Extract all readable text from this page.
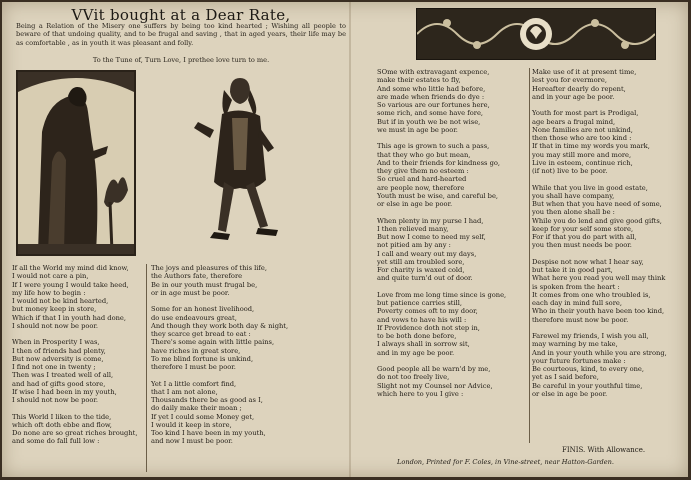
VVit bought at a Dear Rate,
Being a Relation of the Misery one suffers by being too kind hearted ; Wishing all people to beware of that undoing quality, and to be frugal and saving , that in aged years, their life may be as comfortable , as in youth it was pleasant and folly.
To the Tune of, Turn Love, I prethee love turn to me.
If all the World my mind did know,
I would not care a pin,
If I were young I would take heed,
my life how to begin :
I would not be kind hearted,
but money keep in store,
Which if that I in youth had done,
I should not now be poor.
When in Prosperity I was,
I then of friends had plenty,
But now adversity is come,
I find not one in twenty ;
Then was I treated well of all,
and had of gifts good store,
If wise I had been in my youth,
I should not now be poor.
This World I liken to the tide,
which oft doth ebbe and flow,
Do none are so great riches brought,
and some do fall full low :
The joys and pleasures of this life,
the Authors fate, therefore
Be in our youth must frugal be,
or in age must be poor.
Some for an honest livelihood,
do use endeavours great,
And though they work both day & night,
they scarce get bread to eat :
There's some again with little pains,
have riches in great store,
To me blind fortune is unkind,
therefore I must be poor.
Yet I a little comfort find,
that I am not alone,
Thousands there be as good as I,
do daily make their moan ;
If yet I could some Money get,
I would it keep in store,
Too kind I have been in my youth,
and now I must be poor.
SOme with extravagant expence,
make their estates to fly,
And some who little had before,
are made when friends do dye :
So various are our fortunes here,
some rich, and some have fore,
But if in youth we be not wise,
we must in age be poor.
This age is grown to such a pass,
that they who go but mean,
And to their friends for kindness go,
they give them no esteem :
So cruel and hard-hearted
are people now, therefore
Youth must be wise, and careful be,
or else in age be poor.
When plenty in my purse I had,
I then relieved many,
But now I come to need my self,
not pitied am by any :
I call and weary out my days,
yet still am troubled sore,
For charity is waxed cold,
and quite turn'd out of door.
Love from me long time since is gone,
but patience carries still,
Poverty comes oft to my door,
and vows to have his will :
If Providence doth not step in,
to be both done before,
I always shall in sorrow sit,
and in my age be poor.
Good people all be warn'd by me,
do not too freely live,
Slight not my Counsel nor Advice,
which here to you I give :
Make use of it at present time,
lest you for evermore,
Hereafter dearly do repent,
and in your age be poor.
Youth for most part is Prodigal,
age bears a frugal mind,
None families are not unkind,
then those who are too kind :
If that in time my words you mark,
you may still more and more,
Live in esteem, continue rich,
(if not) live to be poor.
While that you live in good estate,
you shall have company,
But when that you have need of some,
you then alone shall be :
While you do lend and give good gifts,
keep for your self some store,
For if that you do part with all,
you then must needs be poor.
Despise not now what I hear say,
but take it in good part,
What here you read you well may think
is spoken from the heart :
It comes from one who troubled is,
each day in mind full sore,
Who in their youth have been too kind,
therefore must now be poor.
Farewel my friends, I wish you all,
may warning by me take,
And in your youth while you are strong,
your future fortunes make :
Be courteous, kind, to every one,
yet as I said before,
Be careful in your youthful time,
or else in age be poor.
FINIS. With Allowance.
London, Printed for F. Coles, in Vine-street, near Hatton-Garden.
